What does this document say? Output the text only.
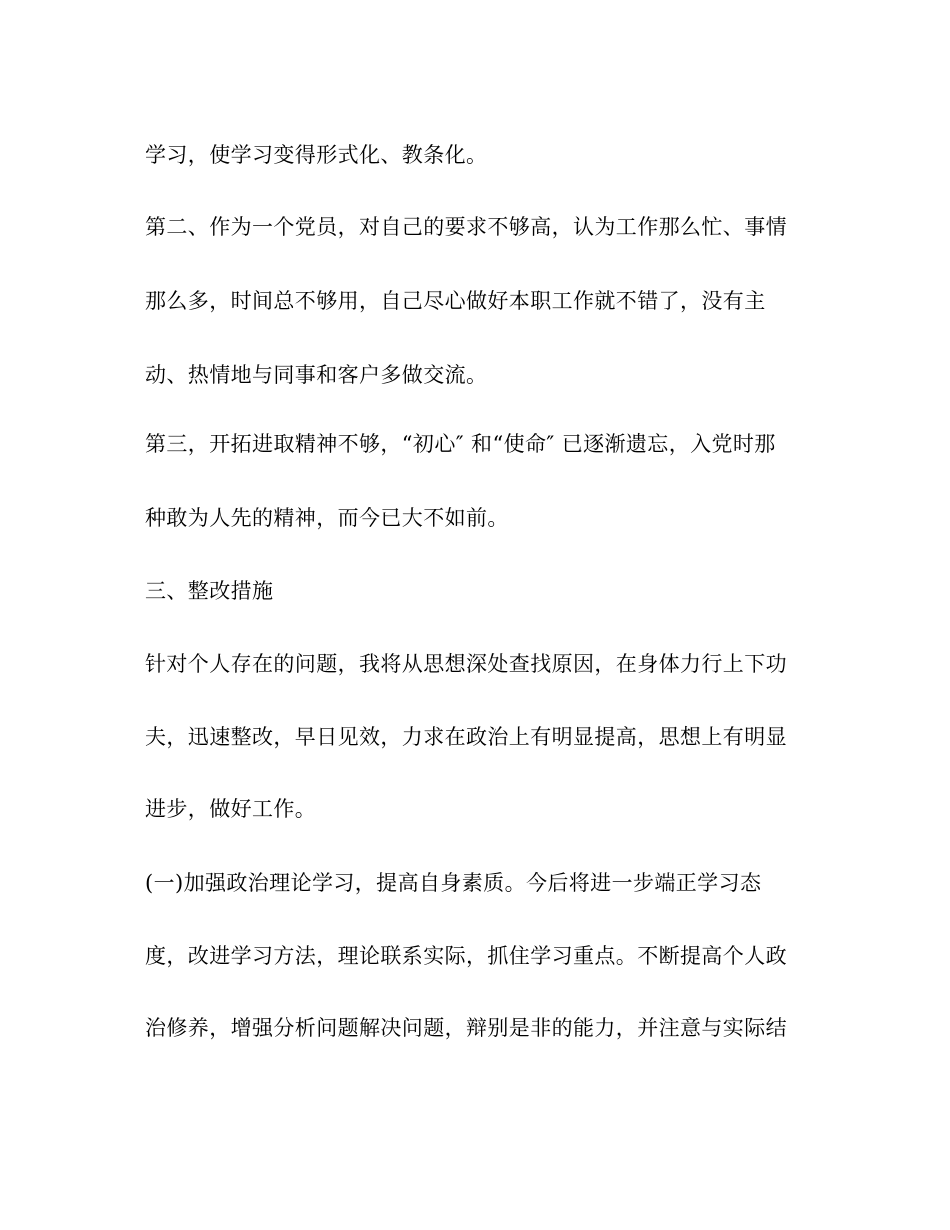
学习，使学习变得形式化、教条化。
第二、作为一个党员，对自己的要求不够高，认为工作那么忙、事情
那么多，时间总不够用，自己尽心做好本职工作就不错了，没有主
动、热情地与同事和客户多做交流。
第三，开拓进取精神不够，“初心″ 和“使命″ 已逐渐遗忘，入党时那
种敢为人先的精神，而今已大不如前。
三、整改措施
针对个人存在的问题，我将从思想深处查找原因，在身体力行上下功
夫，迅速整改，早日见效，力求在政治上有明显提高，思想上有明显
进步，做好工作。
(一)加强政治理论学习，提高自身素质。今后将进一步端正学习态
度，改进学习方法，理论联系实际，抓住学习重点。不断提高个人政
治修养，增强分析问题解决问题，辩别是非的能力，并注意与实际结
